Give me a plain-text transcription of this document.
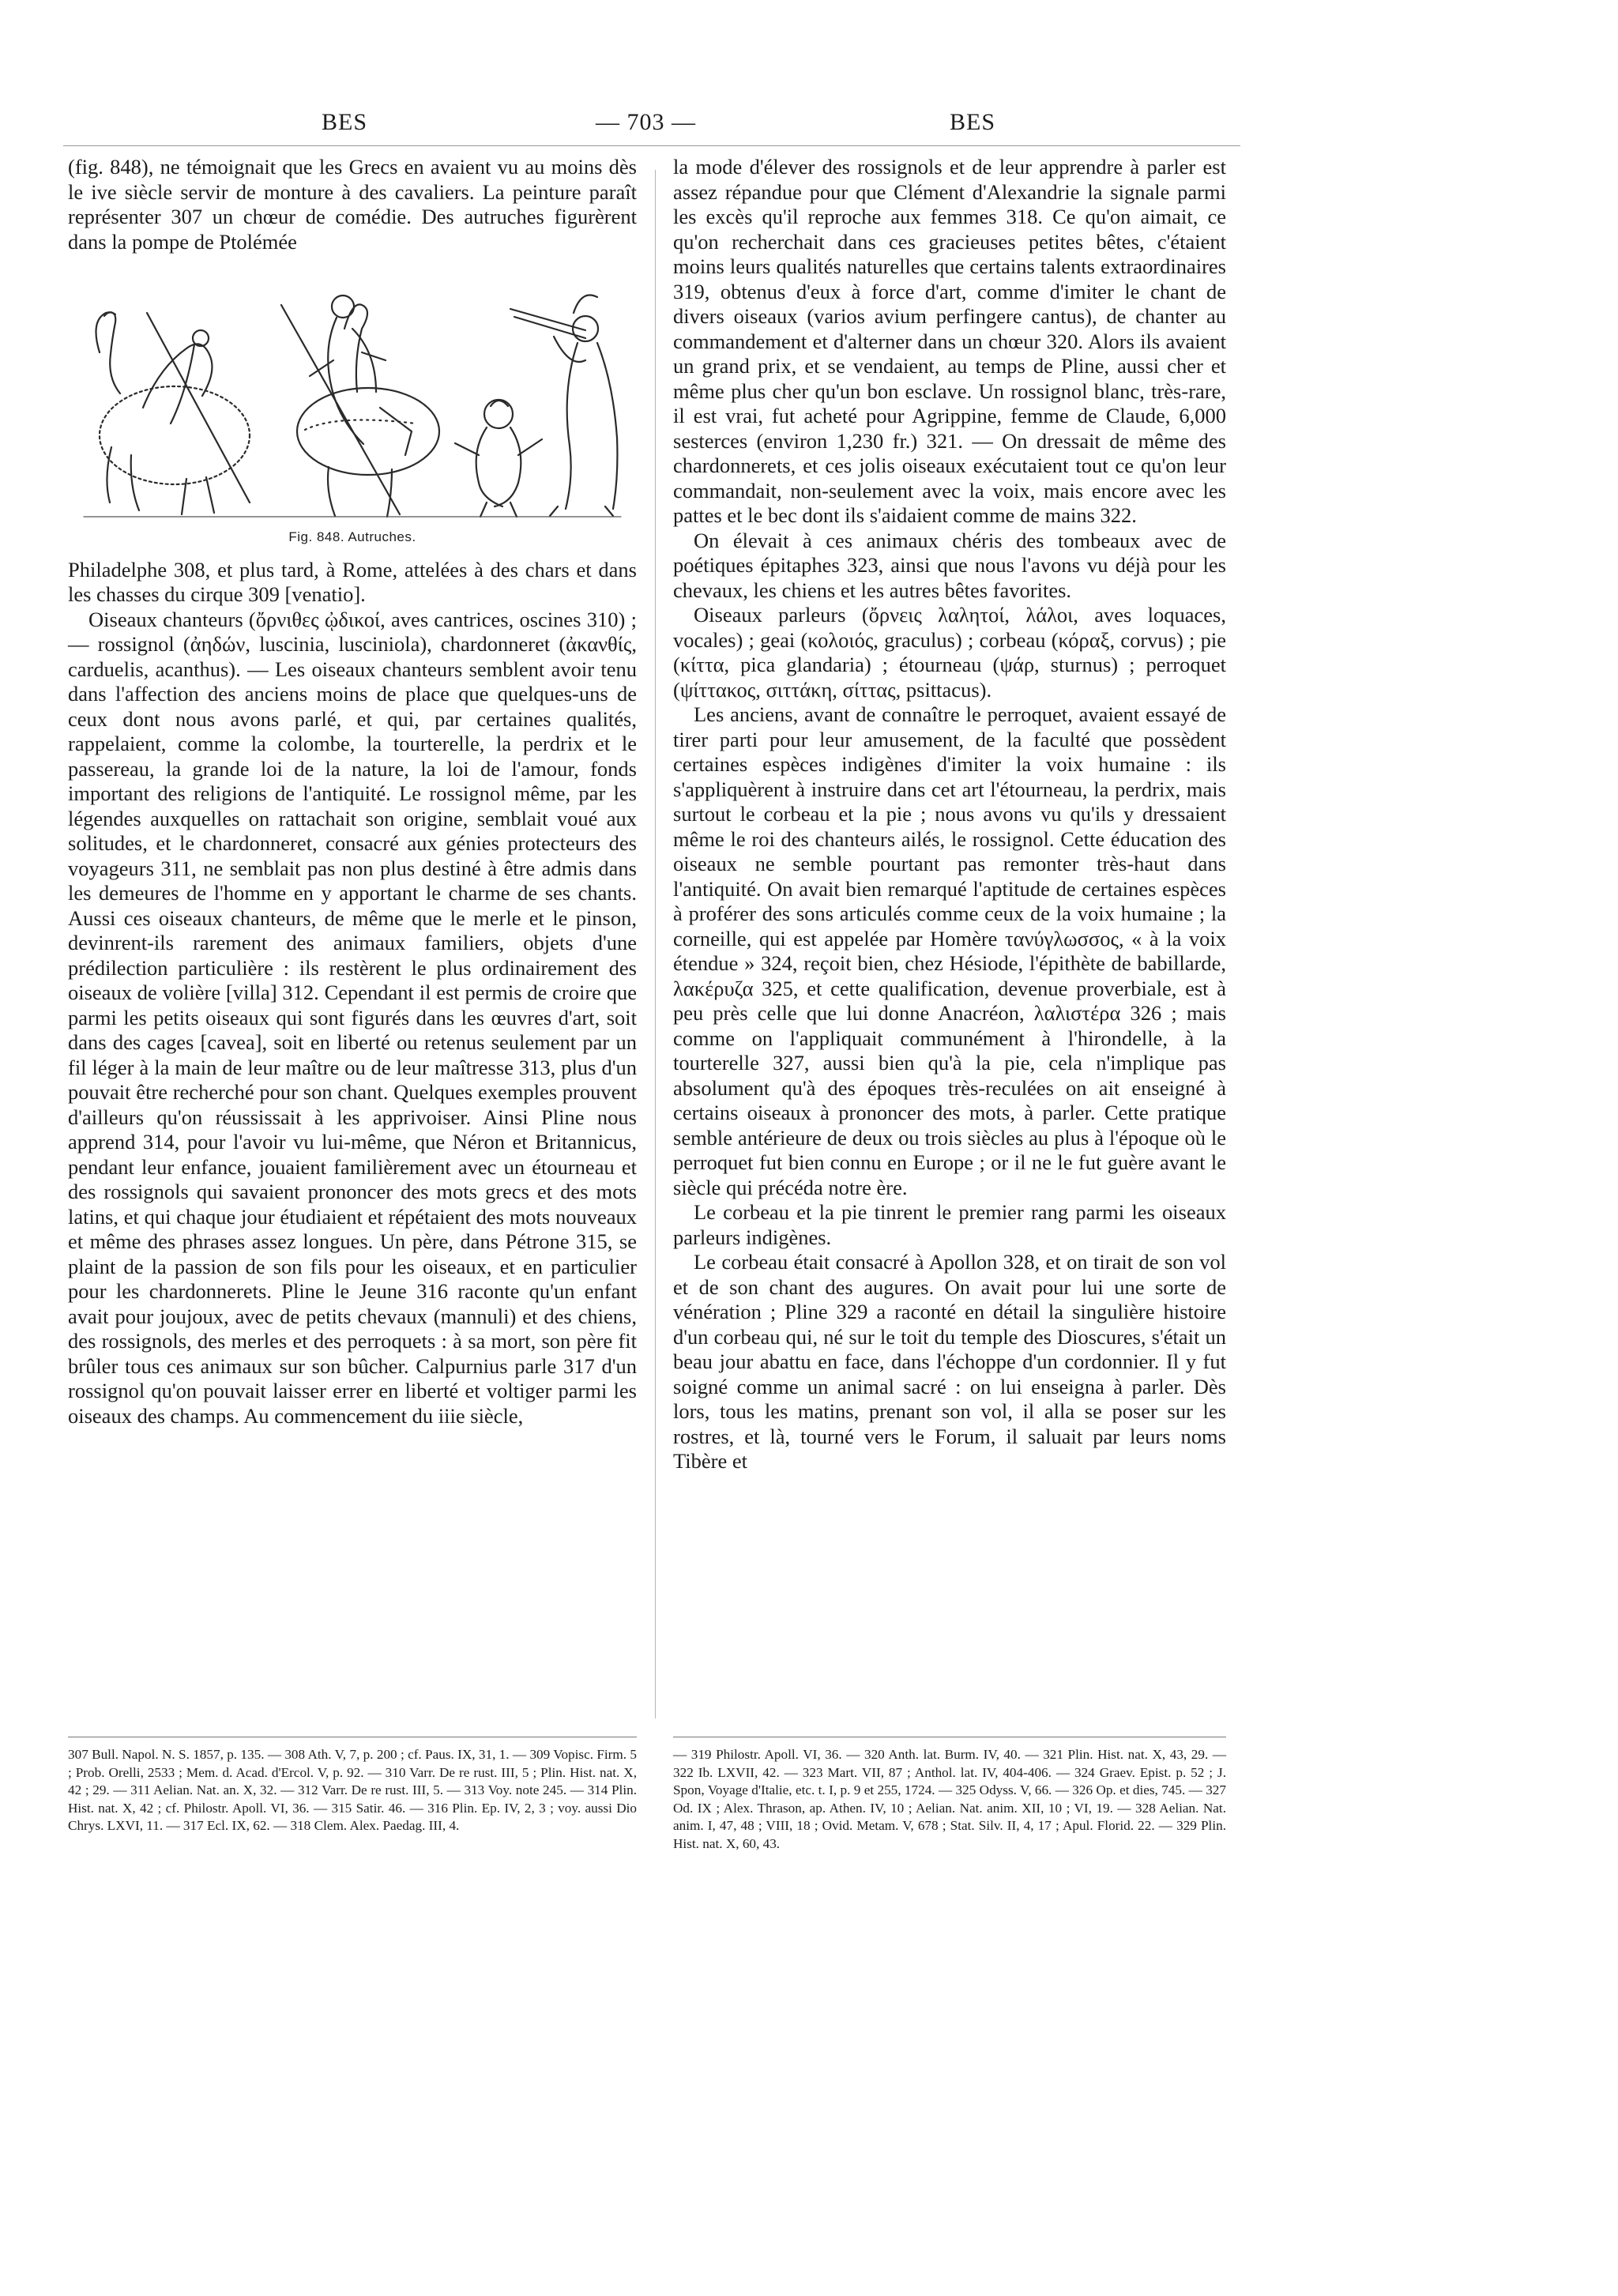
BES	— 703 —	BES

(fig. 848), ne témoignait que les Grecs en avaient vu au moins dès le ive siècle servir de monture à des cavaliers. La peinture paraît représenter 307 un chœur de comédie. Des autruches figurèrent dans la pompe de Ptolémée

Fig. 848. Autruches.

Philadelphe 308, et plus tard, à Rome, attelées à des chars et dans les chasses du cirque 309 [venatio].

Oiseaux chanteurs (ὄρνιθες ᾠδικοί, aves cantrices, oscines 310) ; — rossignol (ἀηδών, luscinia, lusciniola), chardonneret (ἀκανθίς, carduelis, acanthus). — Les oiseaux chanteurs semblent avoir tenu dans l'affection des anciens moins de place que quelques-uns de ceux dont nous avons parlé, et qui, par certaines qualités, rappelaient, comme la colombe, la tourterelle, la perdrix et le passereau, la grande loi de la nature, la loi de l'amour, fonds important des religions de l'antiquité. Le rossignol même, par les légendes auxquelles on rattachait son origine, semblait voué aux solitudes, et le chardonneret, consacré aux génies protecteurs des voyageurs 311, ne semblait pas non plus destiné à être admis dans les demeures de l'homme en y apportant le charme de ses chants. Aussi ces oiseaux chanteurs, de même que le merle et le pinson, devinrent-ils rarement des animaux familiers, objets d'une prédilection particulière : ils restèrent le plus ordinairement des oiseaux de volière [villa] 312. Cependant il est permis de croire que parmi les petits oiseaux qui sont figurés dans les œuvres d'art, soit dans des cages [cavea], soit en liberté ou retenus seulement par un fil léger à la main de leur maître ou de leur maîtresse 313, plus d'un pouvait être recherché pour son chant. Quelques exemples prouvent d'ailleurs qu'on réussissait à les apprivoiser. Ainsi Pline nous apprend 314, pour l'avoir vu lui-même, que Néron et Britannicus, pendant leur enfance, jouaient familièrement avec un étourneau et des rossignols qui savaient prononcer des mots grecs et des mots latins, et qui chaque jour étudiaient et répétaient des mots nouveaux et même des phrases assez longues. Un père, dans Pétrone 315, se plaint de la passion de son fils pour les oiseaux, et en particulier pour les chardonnerets. Pline le Jeune 316 raconte qu'un enfant avait pour joujoux, avec de petits chevaux (mannuli) et des chiens, des rossignols, des merles et des perroquets : à sa mort, son père fit brûler tous ces animaux sur son bûcher. Calpurnius parle 317 d'un rossignol qu'on pouvait laisser errer en liberté et voltiger parmi les oiseaux des champs. Au commencement du iiie siècle,

la mode d'élever des rossignols et de leur apprendre à parler est assez répandue pour que Clément d'Alexandrie la signale parmi les excès qu'il reproche aux femmes 318. Ce qu'on aimait, ce qu'on recherchait dans ces gracieuses petites bêtes, c'étaient moins leurs qualités naturelles que certains talents extraordinaires 319, obtenus d'eux à force d'art, comme d'imiter le chant de divers oiseaux (varios avium perfingere cantus), de chanter au commandement et d'alterner dans un chœur 320. Alors ils avaient un grand prix, et se vendaient, au temps de Pline, aussi cher et même plus cher qu'un bon esclave. Un rossignol blanc, très-rare, il est vrai, fut acheté pour Agrippine, femme de Claude, 6,000 sesterces (environ 1,230 fr.) 321. — On dressait de même des chardonnerets, et ces jolis oiseaux exécutaient tout ce qu'on leur commandait, non-seulement avec la voix, mais encore avec les pattes et le bec dont ils s'aidaient comme de mains 322.

On élevait à ces animaux chéris des tombeaux avec de poétiques épitaphes 323, ainsi que nous l'avons vu déjà pour les chevaux, les chiens et les autres bêtes favorites.

Oiseaux parleurs (ὄρνεις λαλητοί, λάλοι, aves loquaces, vocales) ; geai (κολοιός, graculus) ; corbeau (κόραξ, corvus) ; pie (κίττα, pica glandaria) ; étourneau (ψάρ, sturnus) ; perroquet (ψίττακος, σιττάκη, σίττας, psittacus).

Les anciens, avant de connaître le perroquet, avaient essayé de tirer parti pour leur amusement, de la faculté que possèdent certaines espèces indigènes d'imiter la voix humaine : ils s'appliquèrent à instruire dans cet art l'étourneau, la perdrix, mais surtout le corbeau et la pie ; nous avons vu qu'ils y dressaient même le roi des chanteurs ailés, le rossignol. Cette éducation des oiseaux ne semble pourtant pas remonter très-haut dans l'antiquité. On avait bien remarqué l'aptitude de certaines espèces à proférer des sons articulés comme ceux de la voix humaine ; la corneille, qui est appelée par Homère τανύγλωσσος, « à la voix étendue » 324, reçoit bien, chez Hésiode, l'épithète de babillarde, λακέρυζα 325, et cette qualification, devenue proverbiale, est à peu près celle que lui donne Anacréon, λαλιστέρα 326 ; mais comme on l'appliquait communément à l'hirondelle, à la tourterelle 327, aussi bien qu'à la pie, cela n'implique pas absolument qu'à des époques très-reculées on ait enseigné à certains oiseaux à prononcer des mots, à parler. Cette pratique semble antérieure de deux ou trois siècles au plus à l'époque où le perroquet fut bien connu en Europe ; or il ne le fut guère avant le siècle qui précéda notre ère.

Le corbeau et la pie tinrent le premier rang parmi les oiseaux parleurs indigènes.

Le corbeau était consacré à Apollon 328, et on tirait de son vol et de son chant des augures. On avait pour lui une sorte de vénération ; Pline 329 a raconté en détail la singulière histoire d'un corbeau qui, né sur le toit du temple des Dioscures, s'était un beau jour abattu en face, dans l'échoppe d'un cordonnier. Il y fut soigné comme un animal sacré : on lui enseigna à parler. Dès lors, tous les matins, prenant son vol, il alla se poser sur les rostres, et là, tourné vers le Forum, il saluait par leurs noms Tibère et

307 Bull. Napol. N. S. 1857, p. 135. — 308 Ath. V, 7, p. 200 ; cf. Paus. IX, 31, 1. — 309 Vopisc. Firm. 5 ; Prob. Orelli, 2533 ; Mem. d. Acad. d'Ercol. V, p. 92. — 310 Varr. De re rust. III, 5 ; Plin. Hist. nat. X, 42 ; 29. — 311 Aelian. Nat. an. X, 32. — 312 Varr. De re rust. III, 5. — 313 Voy. note 245. — 314 Plin. Hist. nat. X, 42 ; cf. Philostr. Apoll. VI, 36. — 315 Satir. 46. — 316 Plin. Ep. IV, 2, 3 ; voy. aussi Dio Chrys. LXVI, 11. — 317 Ecl. IX, 62. — 318 Clem. Alex. Paedag. III, 4.
— 319 Philostr. Apoll. VI, 36. — 320 Anth. lat. Burm. IV, 40. — 321 Plin. Hist. nat. X, 43, 29. — 322 Ib. LXVII, 42. — 323 Mart. VII, 87 ; Anthol. lat. IV, 404-406. — 324 Graev. Epist. p. 52 ; J. Spon, Voyage d'Italie, etc. t. I, p. 9 et 255, 1724. — 325 Odyss. V, 66. — 326 Op. et dies, 745. — 327 Od. IX ; Alex. Thrason, ap. Athen. IV, 10 ; Aelian. Nat. anim. XII, 10 ; VI, 19. — 328 Aelian. Nat. anim. I, 47, 48 ; VIII, 18 ; Ovid. Metam. V, 678 ; Stat. Silv. II, 4, 17 ; Apul. Florid. 22. — 329 Plin. Hist. nat. X, 60, 43.
